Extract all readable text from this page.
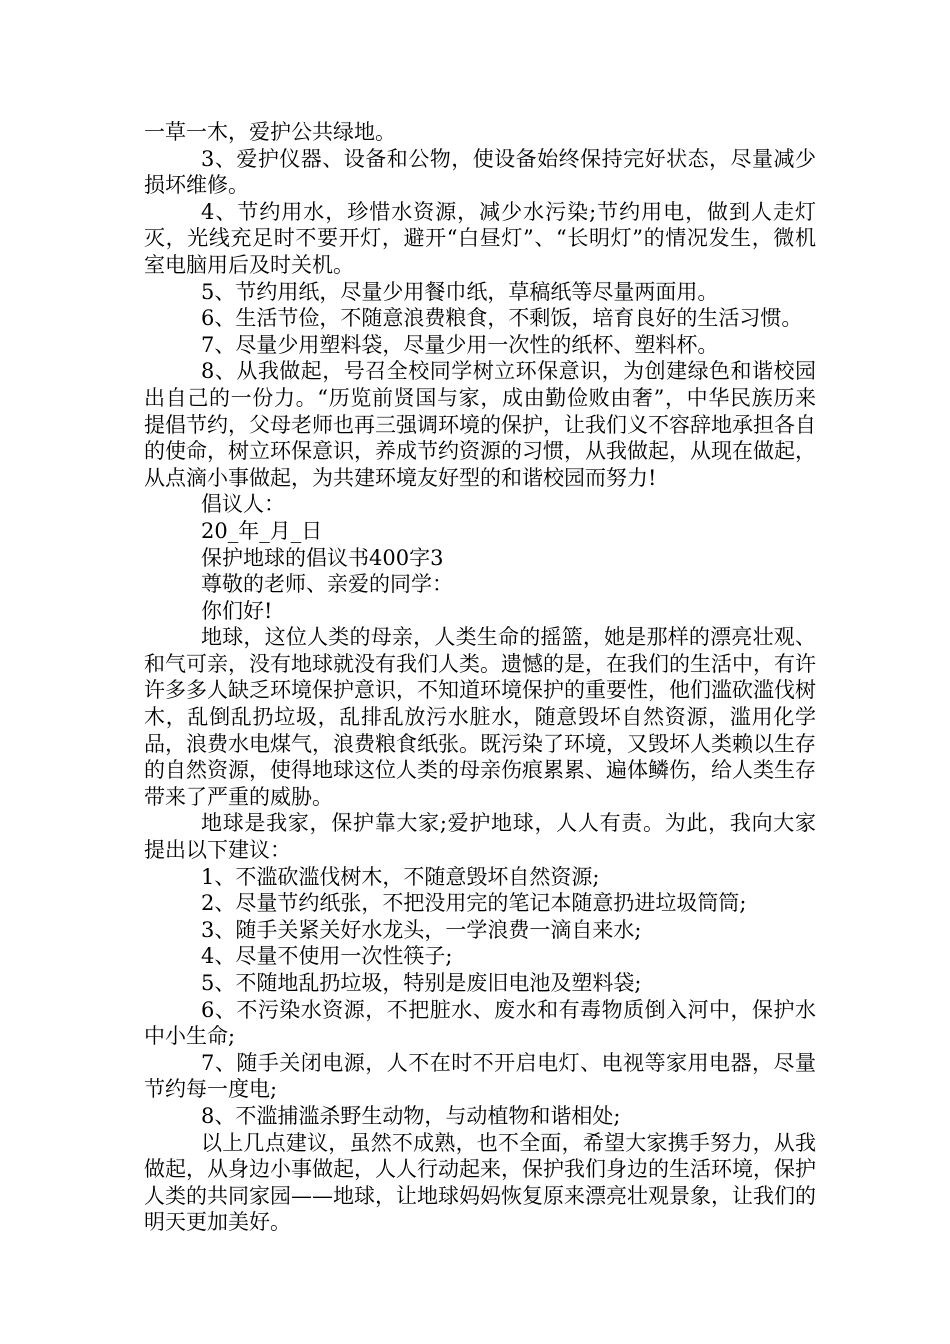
一草一木，爱护公共绿地。

3、爱护仪器、设备和公物，使设备始终保持完好状态，尽量减少损坏维修。

4、节约用水，珍惜水资源，减少水污染;节约用电，做到人走灯灭，光线充足时不要开灯，避开“白昼灯”、“长明灯”的情况发生，微机室电脑用后及时关机。

5、节约用纸，尽量少用餐巾纸，草稿纸等尽量两面用。

6、生活节俭，不随意浪费粮食，不剩饭，培育良好的生活习惯。

7、尽量少用塑料袋，尽量少用一次性的纸杯、塑料杯。

8、从我做起，号召全校同学树立环保意识，为创建绿色和谐校园出自己的一份力。“历览前贤国与家，成由勤俭败由奢”，中华民族历来提倡节约，父母老师也再三强调环境的保护，让我们义不容辞地承担各自的使命，树立环保意识，养成节约资源的习惯，从我做起，从现在做起，从点滴小事做起，为共建环境友好型的和谐校园而努力!

倡议人：

20_年_月_日

保护地球的倡议书400字3

尊敬的老师、亲爱的同学：

你们好!

地球，这位人类的母亲，人类生命的摇篮，她是那样的漂亮壮观、和气可亲，没有地球就没有我们人类。遗憾的是，在我们的生活中，有许许多多人缺乏环境保护意识，不知道环境保护的重要性，他们滥砍滥伐树木，乱倒乱扔垃圾，乱排乱放污水脏水，随意毁坏自然资源，滥用化学品，浪费水电煤气，浪费粮食纸张。既污染了环境，又毁坏人类赖以生存的自然资源，使得地球这位人类的母亲伤痕累累、遍体鳞伤，给人类生存带来了严重的威胁。

地球是我家，保护靠大家;爱护地球，人人有责。为此，我向大家提出以下建议：

1、不滥砍滥伐树木，不随意毁坏自然资源;

2、尽量节约纸张，不把没用完的笔记本随意扔进垃圾筒筒;

3、随手关紧关好水龙头，一学浪费一滴自来水;

4、尽量不使用一次性筷子;

5、不随地乱扔垃圾，特别是废旧电池及塑料袋;

6、不污染水资源，不把脏水、废水和有毒物质倒入河中，保护水中小生命;

7、随手关闭电源，人不在时不开启电灯、电视等家用电器，尽量节约每一度电;

8、不滥捕滥杀野生动物，与动植物和谐相处;

以上几点建议，虽然不成熟，也不全面，希望大家携手努力，从我做起，从身边小事做起，人人行动起来，保护我们身边的生活环境，保护人类的共同家园——地球，让地球妈妈恢复原来漂亮壮观景象，让我们的明天更加美好。
